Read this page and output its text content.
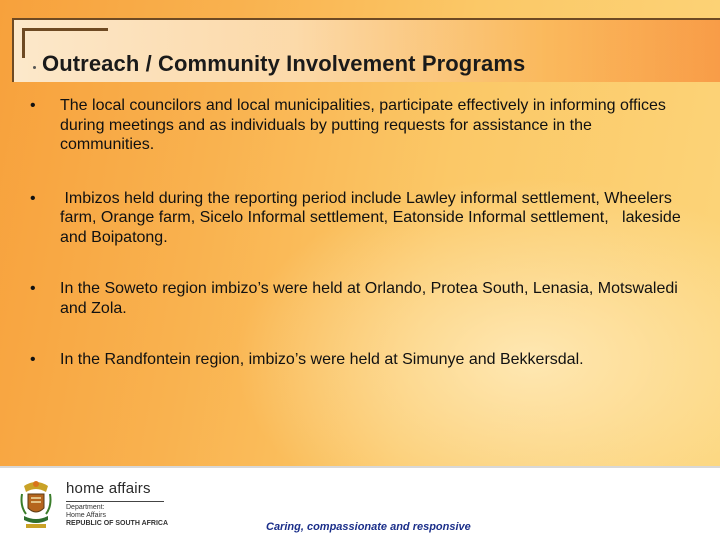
Outreach / Community Involvement Programs
• The local councilors and local municipalities, participate effectively in informing offices during meetings and as individuals by putting requests for assistance in the communities.
• Imbizos held during the reporting period include Lawley informal settlement, Wheelers farm, Orange farm, Sicelo Informal settlement, Eatonside Informal settlement,   lakeside and Boipatong.
• In the Soweto region imbizo’s were held at Orlando, Protea South, Lenasia, Motswaledi and Zola.
• In the Randfontein region, imbizo’s were held at Simunye and Bekkersdal.
home affairs
Department:
Home Affairs
REPUBLIC OF SOUTH AFRICA	Caring, compassionate and responsive
